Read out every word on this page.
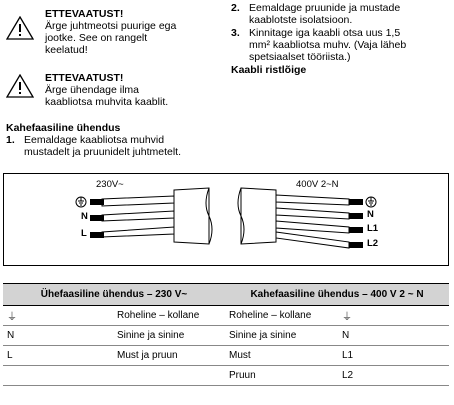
ETTEVAATUST!
Ärge juhtmeotsi puurige ega
jootke. See on rangelt
keelatud!
ETTEVAATUST!
Ärge ühendage ilma
kaabliotsa muhvita kaablit.
Kahefaasiline ühendus
1. Eemaldage kaabliotsa muhvid
mustadelt ja pruunidelt juhtmetelt.
2. Eemaldage pruunide ja mustade
kaablotste isolatsioon.
3. Kinnitage iga kaabli otsa uus 1,5
mm² kaabliotsa muhv. (Vaja läheb
spetsiaalset tööriista.)
Kaabli ristlõige
230V~	400V 2~N
N
L
N
L1
L2
Ühefaasiline ühendus – 230 V~		Kahefaasiline ühendus – 400 V 2 ~ N	
⏚	Roheline – kollane	Roheline – kollane	⏚
N	Sinine ja sinine	Sinine ja sinine	N
L	Must ja pruun	Must	L1
		Pruun	L2
